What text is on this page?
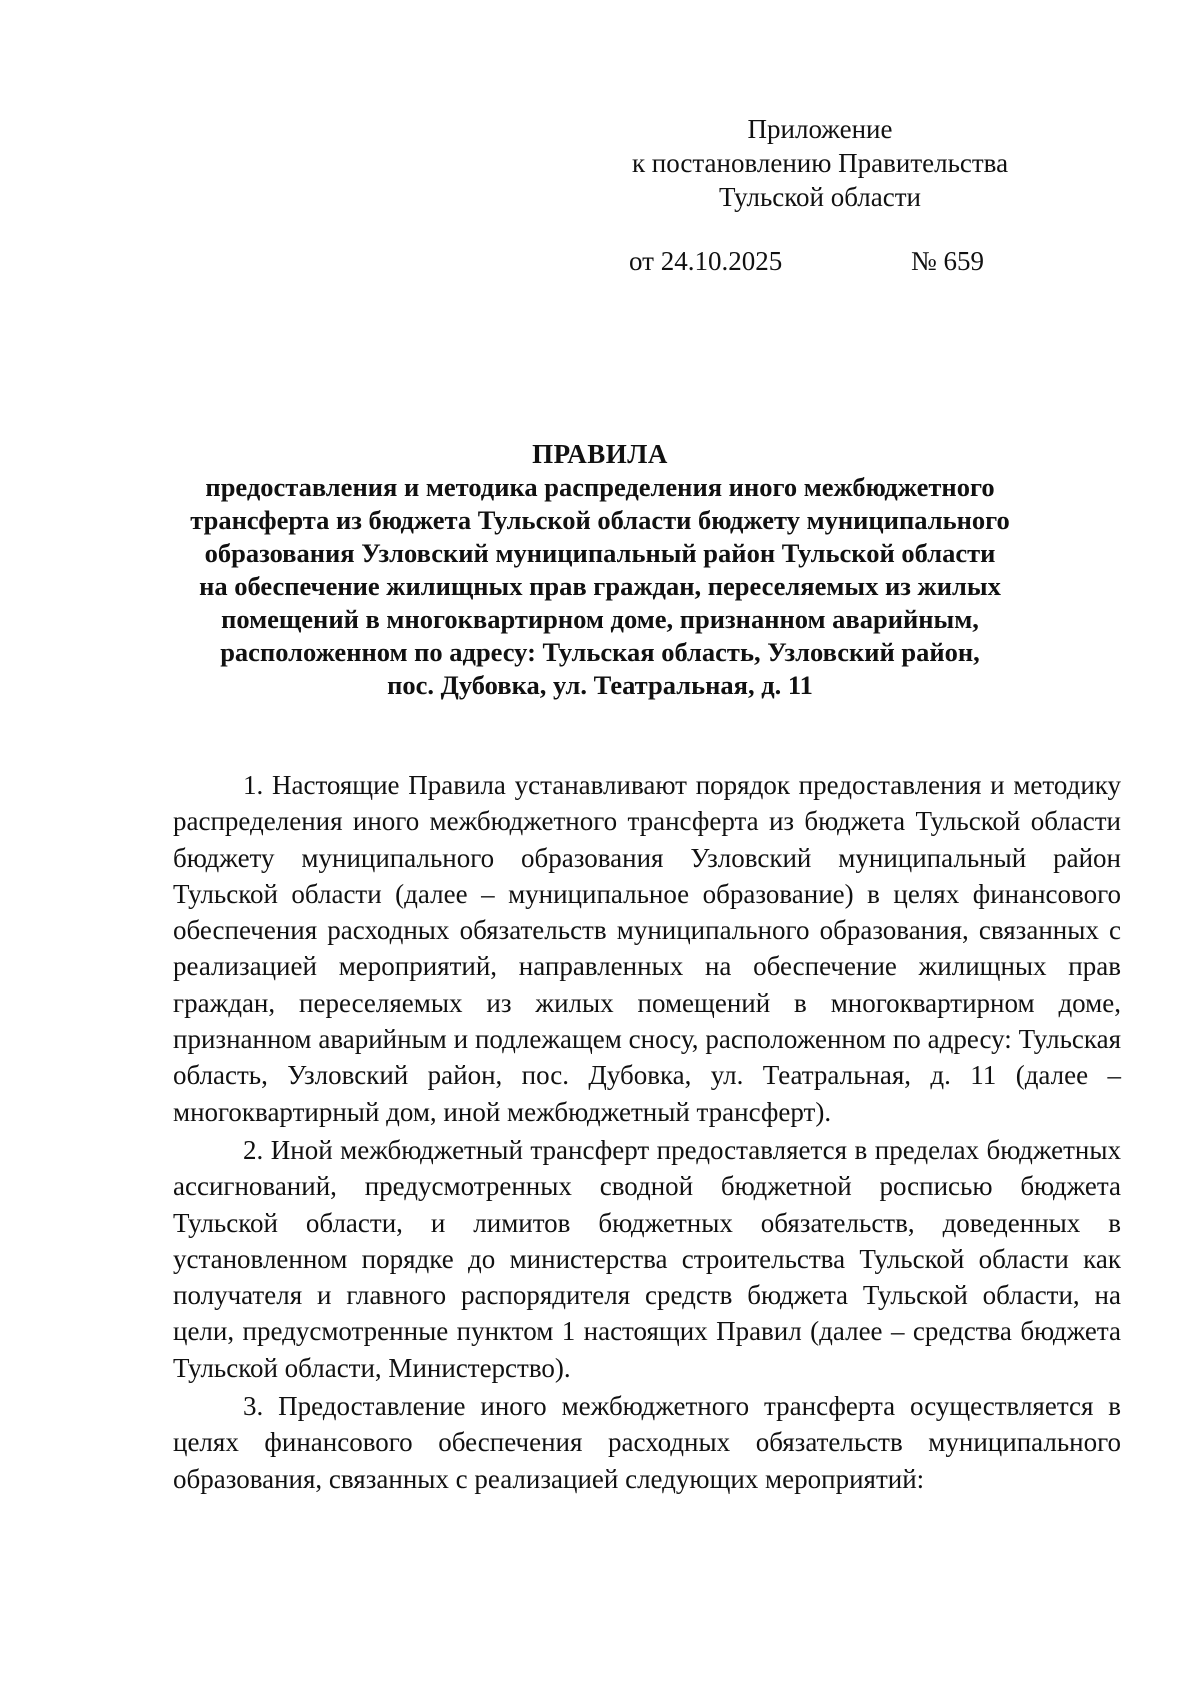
Приложение
к постановлению Правительства
Тульской области
от 24.10.2025	№ 659
ПРАВИЛА
предоставления и методика распределения иного межбюджетного
трансферта из бюджета Тульской области бюджету муниципального
образования Узловский муниципальный район Тульской области
на обеспечение жилищных прав граждан, переселяемых из жилых
помещений в многоквартирном доме, признанном аварийным,
расположенном по адресу: Тульская область, Узловский район,
пос. Дубовка, ул. Театральная, д. 11

1. Настоящие Правила устанавливают порядок предоставления и методику распределения иного межбюджетного трансферта из бюджета Тульской области бюджету муниципального образования Узловский муниципальный район Тульской области (далее – муниципальное образование) в целях финансового обеспечения расходных обязательств муниципального образования, связанных с реализацией мероприятий, направленных на обеспечение жилищных прав граждан, переселяемых из жилых помещений в многоквартирном доме, признанном аварийным и подлежащем сносу, расположенном по адресу: Тульская область, Узловский район, пос. Дубовка, ул. Театральная, д. 11 (далее – многоквартирный дом, иной межбюджетный трансферт).

2. Иной межбюджетный трансферт предоставляется в пределах бюджетных ассигнований, предусмотренных сводной бюджетной росписью бюджета Тульской области, и лимитов бюджетных обязательств, доведенных в установленном порядке до министерства строительства Тульской области как получателя и главного распорядителя средств бюджета Тульской области, на цели, предусмотренные пунктом 1 настоящих Правил (далее – средства бюджета Тульской области, Министерство).

3. Предоставление иного межбюджетного трансферта осуществляется в целях финансового обеспечения расходных обязательств муниципального образования, связанных с реализацией следующих мероприятий:
